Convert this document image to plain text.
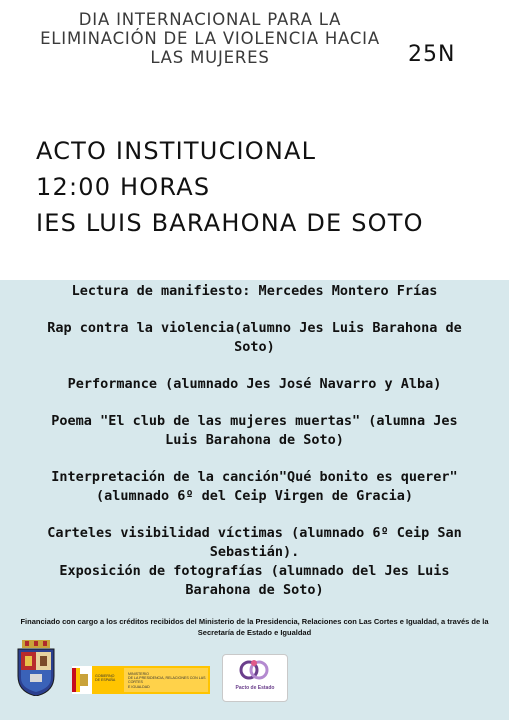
DIA INTERNACIONAL PARA LA
ELIMINACIÓN DE LA VIOLENCIA HACIA
LAS MUJERES	25N
ACTO INSTITUCIONAL
12:00 HORAS
IES LUIS BARAHONA DE SOTO
Lectura de manifiesto: Mercedes Montero Frías
Rap contra la violencia(alumno Jes Luis Barahona de
Soto)
Performance (alumnado Jes José Navarro y Alba)
Poema "El club de las mujeres muertas" (alumna Jes
Luis Barahona de Soto)
Interpretación de la canción"Qué bonito es querer"
(alumnado 6º del Ceip Virgen de Gracia)
Carteles visibilidad víctimas (alumnado 6º Ceip San
Sebastián).
Exposición de fotografías (alumnado del Jes Luis
Barahona de Soto)
Financiado con cargo a los créditos recibidos del Ministerio de la Presidencia, Relaciones con Las Cortes e Igualdad, a través de la
Secretaría de Estado e Igualdad
GOBIERNO
DE ESPAÑA
MINISTERIO
DE LA PRESIDENCIA, RELACIONES CON LAS CORTES
E IGUALDAD	Pacto de Estado
